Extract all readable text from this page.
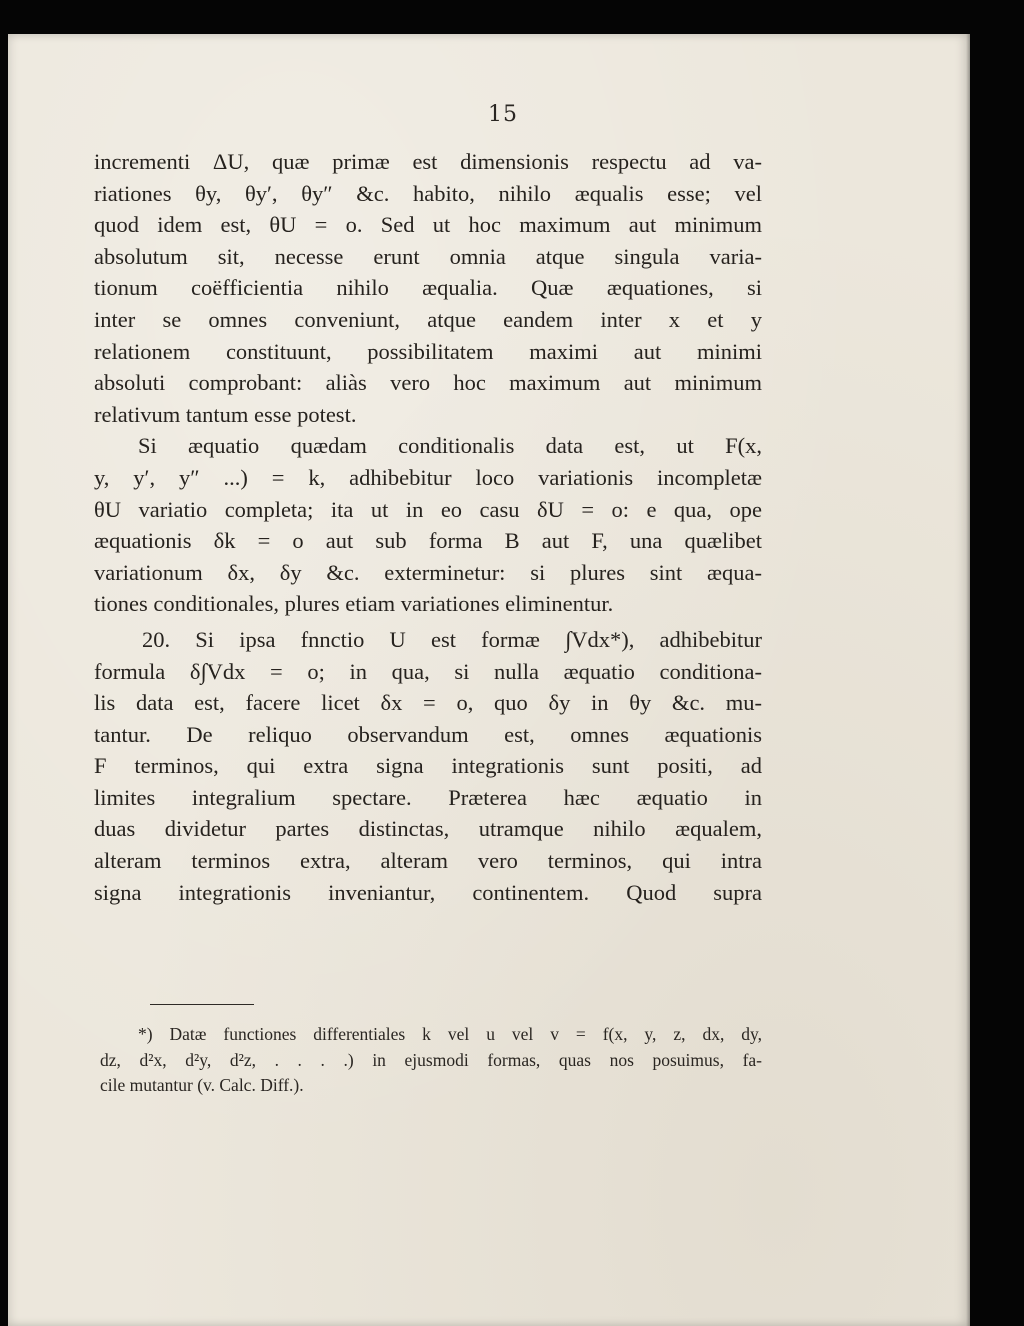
15
incrementi ΔU, quæ primæ est dimensionis respectu ad va-
riationes θy, θy′, θy″ &c. habito, nihilo æqualis esse; vel
quod idem est, θU = o. Sed ut hoc maximum aut minimum
absolutum sit, necesse erunt omnia atque singula varia-
tionum coëfficientia nihilo æqualia. Quæ æquationes, si
inter se omnes conveniunt, atque eandem inter x et y
relationem constituunt, possibilitatem maximi aut minimi
absoluti comprobant: aliàs vero hoc maximum aut minimum
relativum tantum esse potest.
Si æquatio quædam conditionalis data est, ut F(x,
y, y′, y″ ...) = k, adhibebitur loco variationis incompletæ
θU variatio completa; ita ut in eo casu δU = o: e qua, ope
æquationis δk = o aut sub forma B aut F, una quælibet
variationum δx, δy &c. exterminetur: si plures sint æqua-
tiones conditionales, plures etiam variationes eliminentur.
20. Si ipsa fnnctio U est formæ ∫Vdx*), adhibebitur
formula δ∫Vdx = o; in qua, si nulla æquatio conditiona-
lis data est, facere licet δx = o, quo δy in θy &c. mu-
tantur. De reliquo observandum est, omnes æquationis
F terminos, qui extra signa integrationis sunt positi, ad
limites integralium spectare. Præterea hæc æquatio in
duas dividetur partes distinctas, utramque nihilo æqualem,
alteram terminos extra, alteram vero terminos, qui intra
signa integrationis inveniantur, continentem. Quod supra
*) Datæ functiones differentiales k vel u vel v = f(x, y, z, dx, dy,
dz, d²x, d²y, d²z, . . . .) in ejusmodi formas, quas nos posuimus, fa-
cile mutantur (v. Calc. Diff.).
